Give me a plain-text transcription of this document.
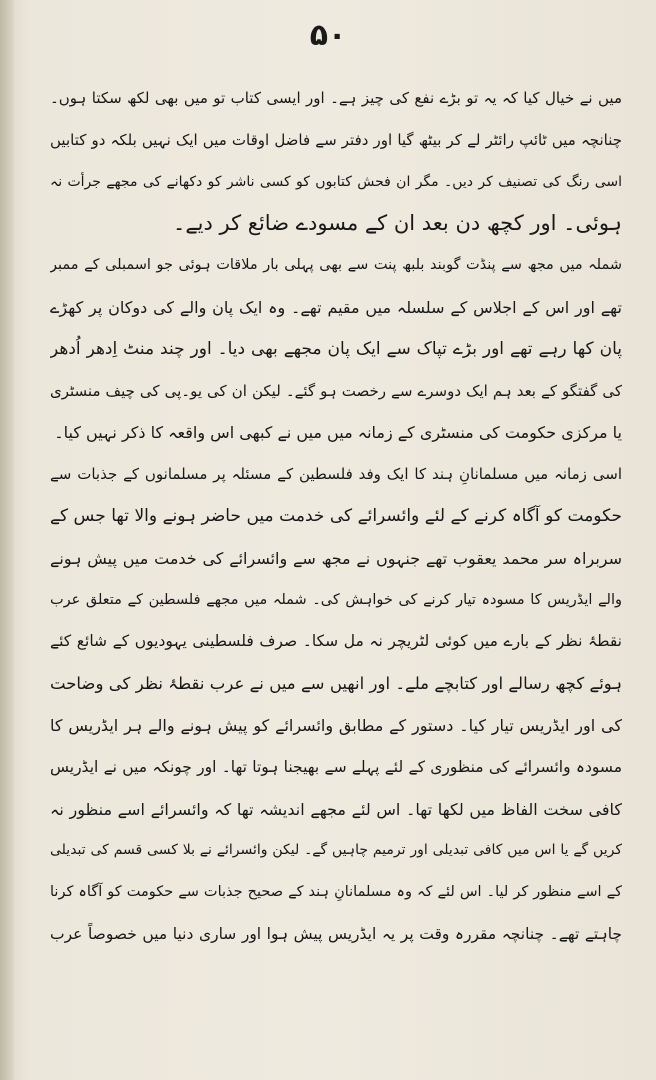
۵۰
میں نے خیال کیا کہ یہ تو بڑے نفع کی چیز ہے۔ اور ایسی کتاب تو میں بھی لکھ سکتا ہوں۔
چنانچہ میں ٹائپ رائٹر لے کر بیٹھ گیا اور دفتر سے فاضل اوقات میں ایک نہیں بلکہ دو کتابیں
اسی رنگ کی تصنیف کر دیں۔ مگر ان فحش کتابوں کو کسی ناشر کو دکھانے کی مجھے جرأت نہ
ہوئی۔ اور کچھ دن بعد ان کے مسودے ضائع کر دیے۔
شملہ میں مجھ سے پنڈت گوبند بلبھ پنت سے بھی پہلی بار ملاقات ہوئی جو اسمبلی کے ممبر
تھے اور اس کے اجلاس کے سلسلہ میں مقیم تھے۔ وہ ایک پان والے کی دوکان پر کھڑے
پان کھا رہے تھے اور بڑے تپاک سے ایک پان مجھے بھی دیا۔ اور چند منٹ اِدھر اُدھر
کی گفتگو کے بعد ہم ایک دوسرے سے رخصت ہو گئے۔ لیکن ان کی یو۔پی کی چیف منسٹری
یا مرکزی حکومت کی منسٹری کے زمانہ میں میں نے کبھی اس واقعہ کا ذکر نہیں کیا۔
اسی زمانہ میں مسلمانانِ ہند کا ایک وفد فلسطین کے مسئلہ پر مسلمانوں کے جذبات سے
حکومت کو آگاہ کرنے کے لئے وائسرائے کی خدمت میں حاضر ہونے والا تھا جس کے
سربراہ سر محمد یعقوب تھے جنہوں نے مجھ سے وائسرائے کی خدمت میں پیش ہونے
والے ایڈریس کا مسودہ تیار کرنے کی خواہش کی۔ شملہ میں مجھے فلسطین کے متعلق عرب
نقطۂ نظر کے بارے میں کوئی لٹریچر نہ مل سکا۔ صرف فلسطینی یہودیوں کے شائع کئے
ہوئے کچھ رسالے اور کتابچے ملے۔ اور انھیں سے میں نے عرب نقطۂ نظر کی وضاحت
کی اور ایڈریس تیار کیا۔ دستور کے مطابق وائسرائے کو پیش ہونے والے ہر ایڈریس کا
مسودہ وائسرائے کی منظوری کے لئے پہلے سے بھیجنا ہوتا تھا۔ اور چونکہ میں نے ایڈریس
کافی سخت الفاظ میں لکھا تھا۔ اس لئے مجھے اندیشہ تھا کہ وائسرائے اسے منظور نہ
کریں گے یا اس میں کافی تبدیلی اور ترمیم چاہیں گے۔ لیکن وائسرائے نے بلا کسی قسم کی تبدیلی
کے اسے منظور کر لیا۔ اس لئے کہ وہ مسلمانانِ ہند کے صحیح جذبات سے حکومت کو آگاہ کرنا
چاہتے تھے۔ چنانچہ مقررہ وقت پر یہ ایڈریس پیش ہوا اور ساری دنیا میں خصوصاً عرب
